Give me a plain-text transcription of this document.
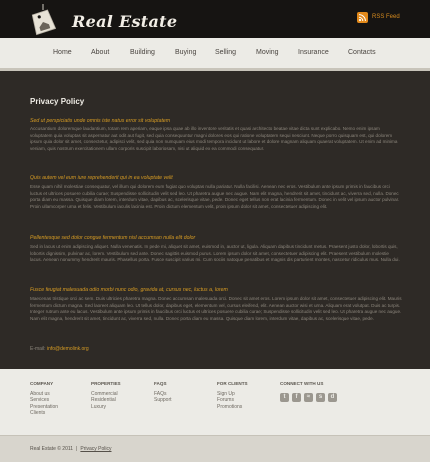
Real Estate	RSS Feed
Home	About	Building	Buying	Selling	Moving	Insurance	Contacts
Privacy Policy
Sed ut perspiciatis unde omnis iste natus error sit voluptatem
Accusantium doloremque laudantium, totam rem aperiam, eaque ipsa quae ab illo inventore veritatis et quasi architecto beatae vitae dicta sunt explicabo. Nemo enim ipsam voluptatem quia voluptas sit aspernatur aut odit aut fugit, sed quia consequuntur magni dolores eos qui ratione voluptatem sequi nesciunt. Neque porro quisquam est, qui dolorem ipsum quia dolor sit amet, consectetur, adipisci velit, sed quia non numquam eius modi tempora incidunt ut labore et dolore magnam aliquam quaerat voluptatem. Ut enim ad minima veniam, quis nostrum exercitationem ullam corporis suscipit laboriosam, nisi ut aliquid ex ea commodi consequatur.
Quis autem vel eum iure reprehenderit qui in ea voluptate velit
Esse quam nihil molestiae consequatur, vel illum qui dolorem eum fugiat quo voluptas nulla pariatur. Nulla facilisi. Aenean nec eros. Vestibulum ante ipsum primis in faucibus orci luctus et ultrices posuere cubilia curae; Suspendisse sollicitudin velit sed leo. Ut pharetra augue nec augue. Nam elit magna, hendrerit sit amet, tincidunt ac, viverra sed, nulla. Donec porta diam eu massa. Quisque diam lorem, interdum vitae, dapibus ac, scelerisque vitae, pede. Donec eget tellus non erat lacinia fermentum. Donec in velit vel ipsum auctor pulvinar. Proin ullamcorper urna et felis. Vestibulum iaculis lacinia est. Proin dictum elementum velit, proin ipsum dolor sit amet, consectetuer adipiscing elit.
Pellentesque sed dolor congue fermentum nisl accumsan nulla elit dolor
Sed in lacus ut enim adipiscing aliquet. Nulla venenatis. In pede mi, aliquet sit amet, euismod in, auctor ut, ligula. Aliquam dapibus tincidunt metus. Praesent justo dolor, lobortis quis, lobortis dignissim, pulvinar ac, lorem. Vestibulum sed ante. Donec sagittis euismod purus. Lorem ipsum dolor sit amet, consectetuer adipiscing elit. Praesent vestibulum molestie lacus. Aenean nonummy hendrerit mauris. Phasellus porta. Fusce suscipit varius mi. Cum sociis natoque penatibus et magnis dis parturient montes, nascetur ridiculus mus. Nulla dui.
Fusce feugiat malesuada odio morbi nunc odio, gravida at, cursus nec, luctus a, lorem
Maecenas tristique orci ac sem. Duis ultricies pharetra magna. Donec accumsan malesuada orci. Donec sit amet eros. Lorem ipsum dolor sit amet, consectetuer adipiscing elit. Mauris fermentum dictum magna. Sed laoreet aliquam leo. Ut tellus dolor, dapibus eget, elementum vel, cursus eleifend, elit. Aenean auctor wisi et urna. Aliquam erat volutpat. Duis ac turpis. Integer rutrum ante eu lacus. Vestibulum ante ipsum primis in faucibus orci luctus et ultrices posuere cubilia curae; Suspendisse sollicitudin velit sed leo. Ut pharetra augue nec augue. Nam elit magna, hendrerit sit amet, tincidunt ac, viverra sed, nulla. Donec porta diam eu massa. Quisque diam lorem, interdum vitae, dapibus ac, scelerisque vitae, pede.
E-mail: info@demolink.org
COMPANY
About us
Services
Presentation
Clients
PROPERTIES
Commercial
Residential
Luxury
FAQS
FAQs
Support
FOR CLIENTS
Sign Up
Forums
Promotions
CONNECT WITH US
t	f	≈	s	d
Real Estate © 2011 | Privacy Policy
